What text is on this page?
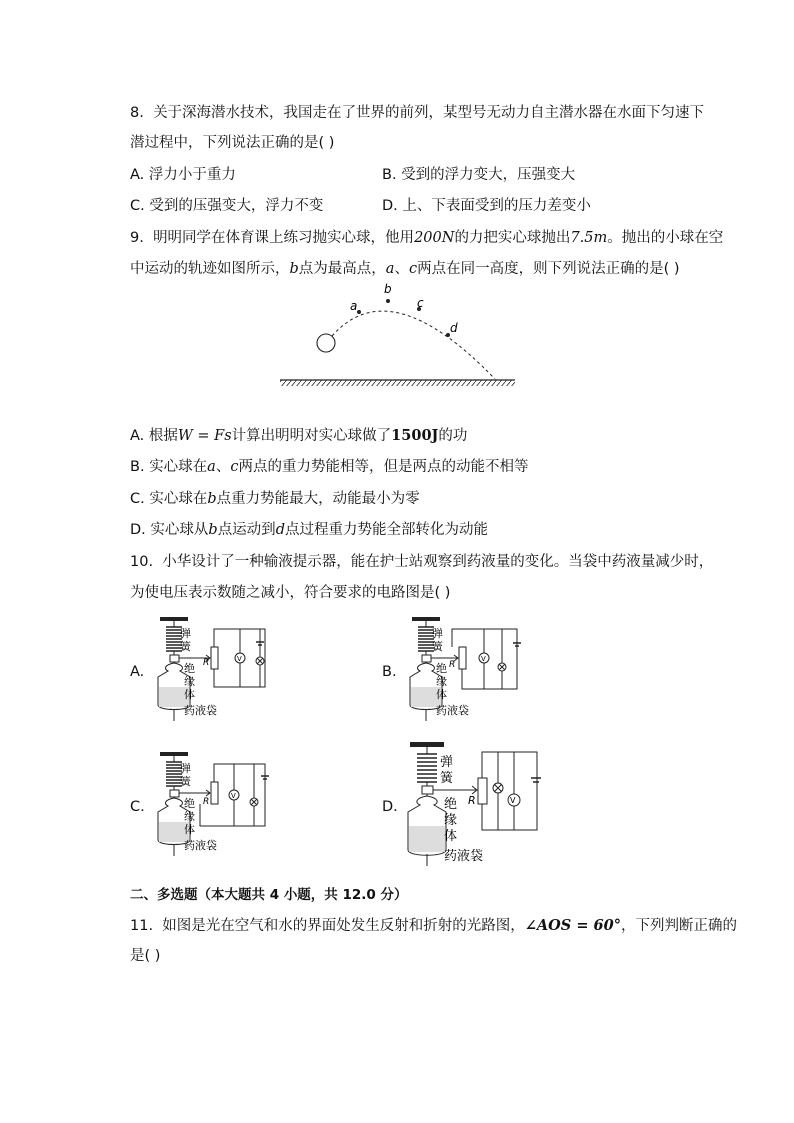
8. 关于深海潜水技术，我国走在了世界的前列，某型号无动力自主潜水器在水面下匀速下
潜过程中，下列说法正确的是( )
A. 浮力小于重力	B. 受到的浮力变大，压强变大
C. 受到的压强变大，浮力不变	D. 上、下表面受到的压力差变小
9. 明明同学在体育课上练习抛实心球，他用200N的力把实心球抛出7.5m。抛出的小球在空
中运动的轨迹如图所示，b点为最高点，a、c两点在同一高度，则下列说法正确的是( )
a
b
c
d
A. 根据W = Fs计算出明明对实心球做了1500J的功
B. 实心球在a、c两点的重力势能相等，但是两点的动能不相等
C. 实心球在b点重力势能最大，动能最小为零
D. 实心球从b点运动到d点过程重力势能全部转化为动能
10. 小华设计了一种输液提示器，能在护士站观察到药液量的变化。当袋中药液量减少时，
为使电压表示数随之减小，符合要求的电路图是( )
A.	B.
C.	D.
V
R
弹
簧
绝
缘
体
药液袋
V
R
弹
簧
绝
缘
体
药液袋
V
R
弹
簧
绝
缘
体
药液袋
V
R
弹
簧
绝
缘
体
药液袋
二、多选题（本大题共 4 小题，共 12.0 分）
11. 如图是光在空气和水的界面处发生反射和折射的光路图，∠AOS = 60°，下列判断正确的
是( )
